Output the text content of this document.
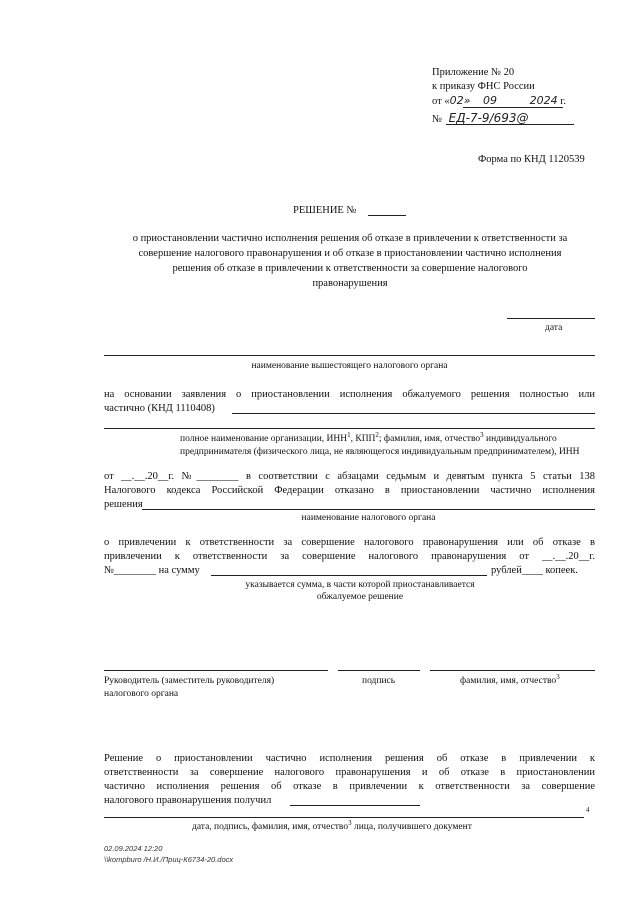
Приложение № 20
к приказу ФНС России
от «02» 09	2024 г.
№ ЕД-7-9/693@
Форма по КНД 1120539
РЕШЕНИЕ №
о приостановлении частично исполнения решения об отказе в привлечении к ответственности за
совершение налогового правонарушения и об отказе в приостановлении частично исполнения
решения об отказе в привлечении к ответственности за совершение налогового
правонарушения
дата
наименование вышестоящего налогового органа
на основании заявления о приостановлении исполнения обжалуемого решения полностью или
частично (КНД 1110408)
полное наименование организации, ИНН$^1$, КПП$^2$; фамилия, имя, отчество$^3$ индивидуального
предпринимателя (физического лица, не являющегося индивидуальным предпринимателем), ИНН
от __.__.20__г. №________ в соответствии с абзацами седьмым и девятым пункта 5 статьи 138
Налогового кодекса Российской Федерации отказано в приостановлении частично исполнения
решения
наименование налогового органа
о привлечении к ответственности за совершение налогового правонарушения или об отказе в
привлечении к ответственности за совершение налогового правонарушения от __.__.20__г.
№________ на сумму	рублей____ копеек.
указывается сумма, в части которой приостанавливается
обжалуемое решение
Руководитель (заместитель руководителя)
налогового органа
подпись	фамилия, имя, отчество$^3$
Решение о приостановлении частично исполнения решения об отказе в привлечении к
ответственности за совершение налогового правонарушения и об отказе в приостановлении
частично исполнения решения об отказе в привлечении к ответственности за совершение
налогового правонарушения получил
4
дата, подпись, фамилия, имя, отчество$^3$ лица, получившего документ
02.09.2024 12:20
\\kompburo /Н.И./Приц-К6734-20.docx
